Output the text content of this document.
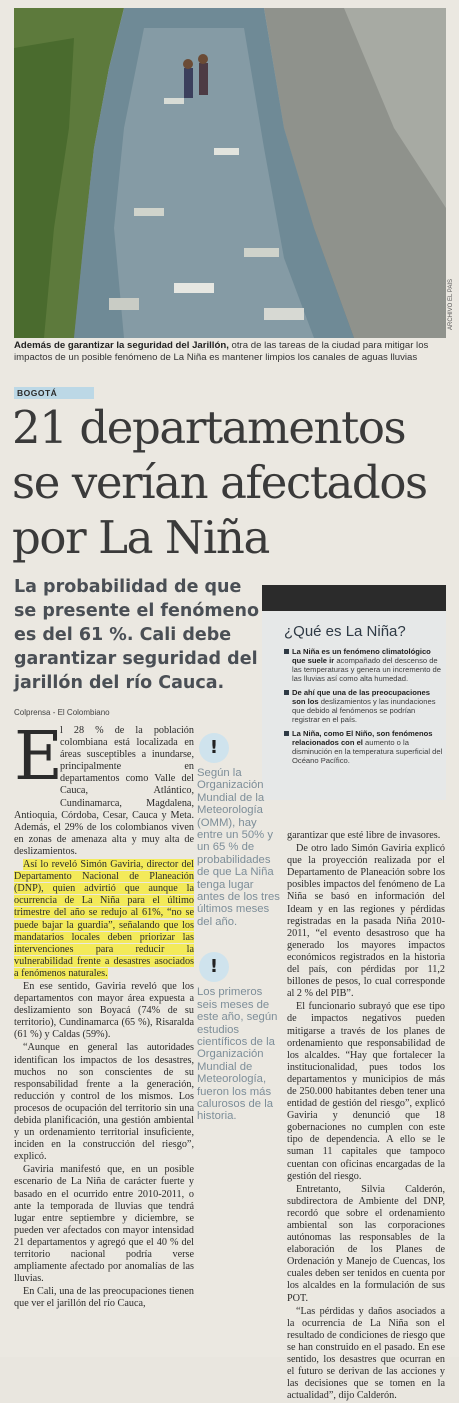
ARCHIVO EL PAÍS
Además de garantizar la seguridad del Jarillón, otra de las tareas de la ciudad para mitigar los impactos de un posible fenómeno de La Niña es mantener limpios los canales de aguas lluvias
BOGOTÁ
21 departamentos se verían afectados por La Niña
La probabilidad de que se presente el fenómeno es del 61 %. Cali debe garantizar seguridad del jarillón del río Cauca.
Colprensa - El Colombiano
¿Qué es La Niña?
La Niña es un fenómeno climatológico que suele ir acompañado del descenso de las temperaturas y genera un incremento de las lluvias así como alta humedad.
De ahí que una de las preocupaciones son los deslizamientos y las inundaciones que debido al fenómenos se podrían registrar en el país.
La Niña, como El Niño, son fenómenos relacionados con el aumento o la disminución en la temperatura superficial del Océano Pacífico.
E

l 28 % de la población colombiana está localizada en áreas susceptibles a inundarse, principalmente en departamentos como Valle del Cauca, Atlántico, Cundinamarca, Magdalena, Antioquia, Córdoba, Cesar, Cauca y Meta. Además, el 29% de los colombianos viven en zonas de amenaza alta y muy alta de deslizamientos.

Así lo reveló Simón Gaviria, director del Departamento Nacional de Planeación (DNP), quien advirtió que aunque la ocurrencia de La Niña para el último trimestre del año se redujo al 61%, “no se puede bajar la guardia”, señalando que los mandatarios locales deben priorizar las intervenciones para reducir la vulnerabilidad frente a desastres asociados a fenómenos naturales.

En ese sentido, Gaviria reveló que los departamentos con mayor área expuesta a deslizamiento son Boyacá (74% de su territorio), Cundinamarca (65 %), Risaralda (61 %) y Caldas (59%).

“Aunque en general las autoridades identifican los impactos de los desastres, muchos no son conscientes de su responsabilidad frente a la generación, reducción y control de los mismos. Los procesos de ocupación del territorio sin una debida planificación, una gestión ambiental y un ordenamiento territorial insuficiente, inciden en la construcción del riesgo”, explicó.

Gaviria manifestó que, en un posible escenario de La Niña de carácter fuerte y basado en el ocurrido entre 2010-2011, o ante la temporada de lluvias que tendrá lugar entre septiembre y diciembre, se pueden ver afectados con mayor intensidad 21 departamentos y agregó que el 40 % del territorio nacional podría verse ampliamente afectado por anomalías de las lluvias.

En Cali, una de las preocupaciones tienen que ver el jarillón del río Cauca,

!
Según la Organización Mundial de la Meteorología (OMM), hay entre un 50% y un 65 % de probabilidades de que La Niña tenga lugar antes de los tres últimos meses del año.
!
Los primeros seis meses de este año, según estudios científicos de la Organización Mundial de Meteorología, fueron los más calurosos de la historia.

garantizar que esté libre de invasores.

De otro lado Simón Gaviria explicó que la proyección realizada por el Departamento de Planeación sobre los posibles impactos del fenómeno de La Niña se basó en información del Ideam y en las regiones y pérdidas registradas en la pasada Niña 2010-2011, “el evento desastroso que ha generado los mayores impactos económicos registrados en la historia del país, con pérdidas por 11,2 billones de pesos, lo cual corresponde al 2 % del PIB”.

El funcionario subrayó que ese tipo de impactos negativos pueden mitigarse a través de los planes de ordenamiento que responsabilidad de los alcaldes. “Hay que fortalecer la institucionalidad, pues todos los departamentos y municipios de más de 250.000 habitantes deben tener una entidad de gestión del riesgo”, explicó Gaviria y denunció que 18 gobernaciones no cumplen con este tipo de dependencia. A ello se le suman 11 capitales que tampoco cuentan con oficinas encargadas de la gestión del riesgo.

Entretanto, Silvia Calderón, subdirectora de Ambiente del DNP, recordó que sobre el ordenamiento ambiental son las corporaciones autónomas las responsables de la elaboración de los Planes de Ordenación y Manejo de Cuencas, los cuales deben ser tenidos en cuenta por los alcaldes en la formulación de sus POT.

“Las pérdidas y daños asociados a la ocurrencia de La Niña son el resultado de condiciones de riesgo que se han construido en el pasado. En ese sentido, los desastres que ocurran en el futuro se derivan de las acciones y las decisiones que se tomen en la actualidad”, dijo Calderón.
